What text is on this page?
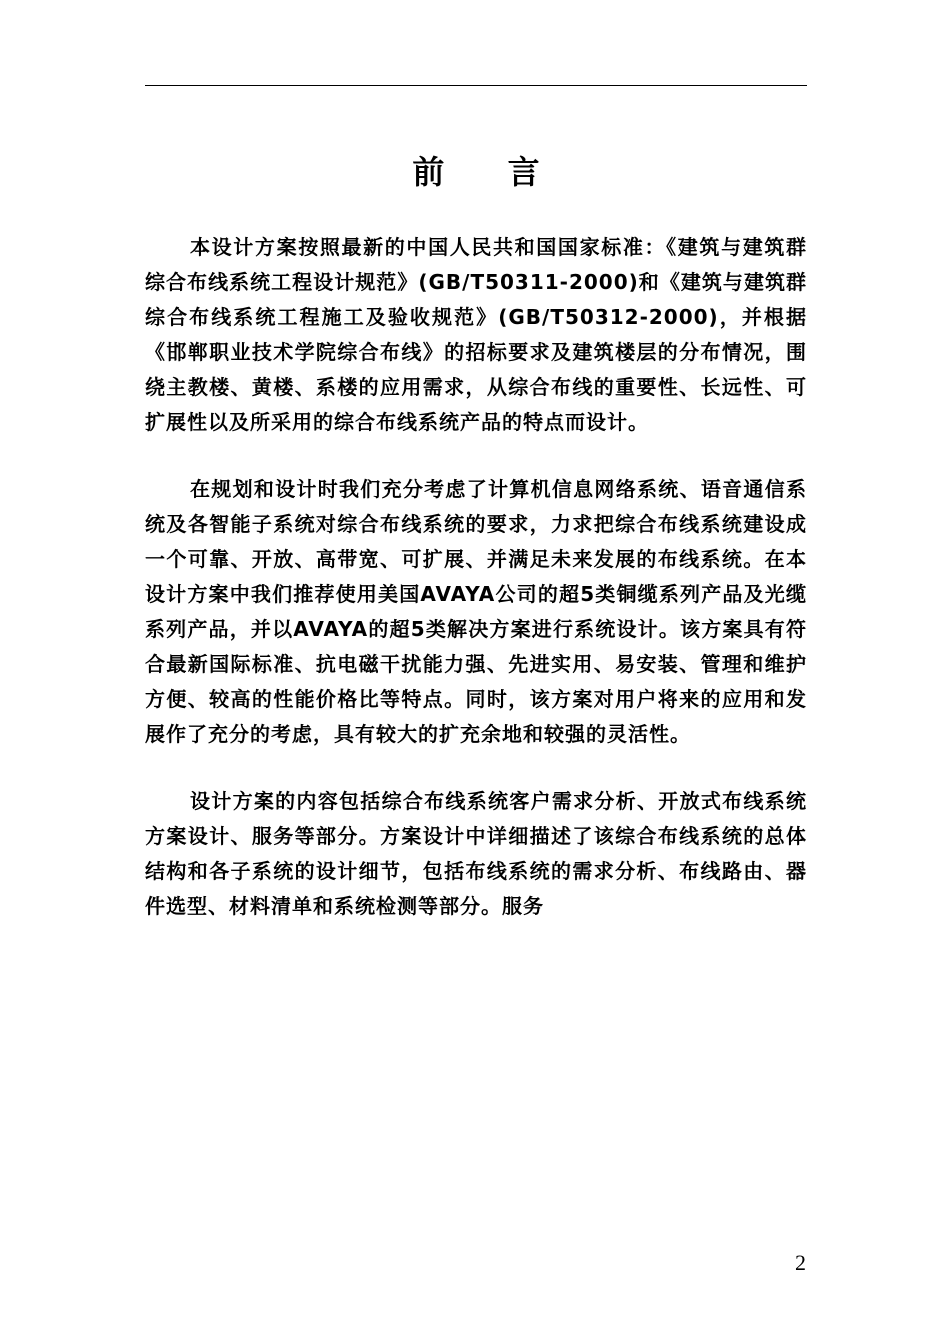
前 言

本设计方案按照最新的中国人民共和国国家标准：《建筑与建筑群综合布线系统工程设计规范》(GB/T50311-2000)和《建筑与建筑群综合布线系统工程施工及验收规范》(GB/T50312-2000)，并根据《邯郸职业技术学院综合布线》的招标要求及建筑楼层的分布情况，围绕主教楼、黄楼、系楼的应用需求，从综合布线的重要性、长远性、可扩展性以及所采用的综合布线系统产品的特点而设计。

在规划和设计时我们充分考虑了计算机信息网络系统、语音通信系统及各智能子系统对综合布线系统的要求，力求把综合布线系统建设成一个可靠、开放、高带宽、可扩展、并满足未来发展的布线系统。在本设计方案中我们推荐使用美国AVAYA公司的超5类铜缆系列产品及光缆系列产品，并以AVAYA的超5类解决方案进行系统设计。该方案具有符合最新国际标准、抗电磁干扰能力强、先进实用、易安装、管理和维护方便、较高的性能价格比等特点。同时，该方案对用户将来的应用和发展作了充分的考虑，具有较大的扩充余地和较强的灵活性。

设计方案的内容包括综合布线系统客户需求分析、开放式布线系统方案设计、服务等部分。方案设计中详细描述了该综合布线系统的总体结构和各子系统的设计细节，包括布线系统的需求分析、布线路由、器件选型、材料清单和系统检测等部分。服务

2
